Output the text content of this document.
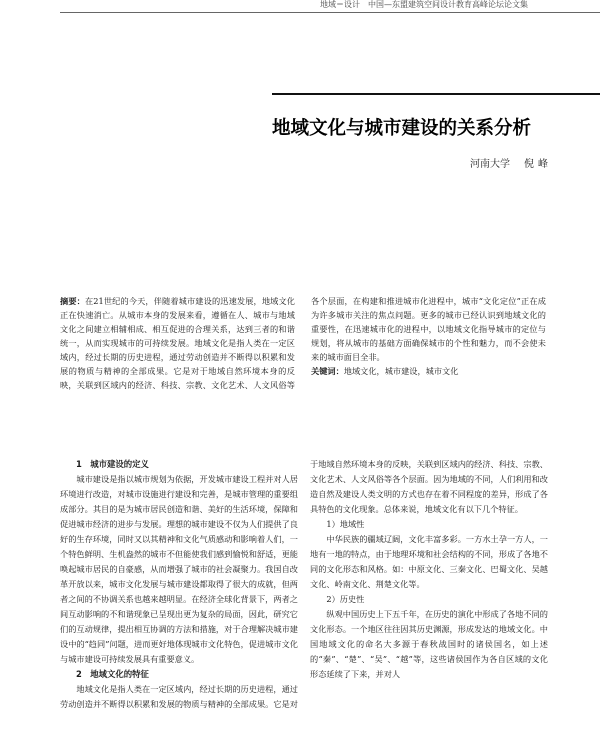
地域＝设计　中国—东盟建筑空间设计教育高峰论坛论文集
地域文化与城市建设的关系分析
河南大学 倪峰

摘要：在21世纪的今天，伴随着城市建设的迅速发展，地域文化正在快速消亡。从城市本身的发展来看，遵循在人、城市与地域文化之间建立相辅相成、相互促进的合理关系，达到三者的和谐统一，从而实现城市的可持续发展。地域文化是指人类在一定区域内，经过长期的历史进程，通过劳动创造并不断得以积累和发展的物质与精神的全部成果。它是对于地域自然环境本身的反映，关联到区域内的经济、科技、宗教、文化艺术、人文风俗等各个层面，在构建和推进城市化进程中，城市“文化定位”正在成为许多城市关注的焦点问题。更多的城市已经认识到地域文化的重要性，在迅速城市化的进程中，以地域文化指导城市的定位与规划，将从城市的基础方面确保城市的个性和魅力，而不会使未来的城市面目全非。

关键词：地域文化，城市建设，城市文化

1　城市建设的定义

城市建设是指以城市规划为依据，开发城市建设工程并对人居环境进行改造，对城市设施进行建设和完善，是城市管理的重要组成部分。其目的是为城市居民创造和谐、美好的生活环境，保障和促进城市经济的进步与发展。理想的城市建设不仅为人们提供了良好的生存环境，同时又以其精神和文化气质感动和影响着人们，一个特色鲜明、生机盎然的城市不但能使我们感到愉悦和舒适，更能唤起城市居民的自豪感，从而增强了城市的社会凝聚力。我国自改革开放以来，城市文化发展与城市建设都取得了很大的成就，但两者之间的不协调关系也越来越明显。在经济全球化背景下，两者之间互动影响的不和谐现象已呈现出更为复杂的局面，因此，研究它们的互动规律，提出相互协调的方法和措施，对于合理解决城市建设中的“趋同”问题，进而更好地体现城市文化特色，促进城市文化与城市建设可持续发展具有重要意义。

2　地域文化的特征

地域文化是指人类在一定区域内，经过长期的历史进程，通过劳动创造并不断得以积累和发展的物质与精神的全部成果。它是对于地域自然环境本身的反映，关联到区域内的经济、科技、宗教、文化艺术、人文风俗等各个层面。因为地域的不同，人们利用和改造自然及建设人类文明的方式也存在着不同程度的差异，形成了各具特色的文化现象。总体来说，地域文化有以下几个特征。

1）地域性

中华民族的疆域辽阔，文化丰富多彩。一方水土孕一方人，一地有一地的特点，由于地理环境和社会结构的不同，形成了各地不同的文化形态和风格。如：中原文化、三秦文化、巴蜀文化、吴越文化、岭南文化、荆楚文化等。

2）历史性

纵观中国历史上下五千年，在历史的演化中形成了各地不同的文化形态。一个地区往往因其历史渊源，形成发达的地域文化。中国地域文化的命名大多源于春秋战国时的诸侯国名，如上述的“秦”、“楚”、“吴”、“越”等，这些诸侯国作为各自区域的文化形态延续了下来，并对人
